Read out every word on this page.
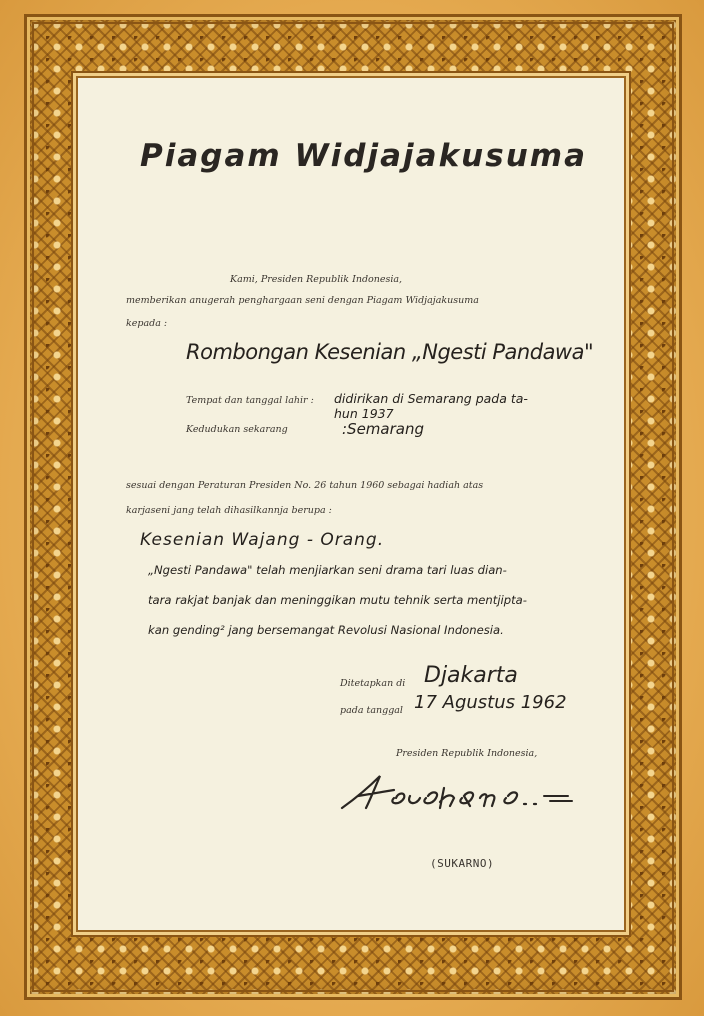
Piagam Widjajakusuma
Kami, Presiden Republik Indonesia,
memberikan anugerah penghargaan seni dengan Piagam Widjajakusuma
kepada :
Rombongan Kesenian „Ngesti Pandawa"
Tempat dan tanggal lahir : didirikan di Semarang pada ta-
hun 1937
Kedudukan sekarang	:Semarang
sesuai dengan Peraturan Presiden No. 26 tahun 1960 sebagai hadiah atas
karjaseni jang telah dihasilkannja berupa :
Kesenian Wajang - Orang.
„Ngesti Pandawa" telah menjiarkan seni drama tari luas dian-
tara rakjat banjak dan meninggikan mutu tehnik serta mentjipta-
kan gending² jang bersemangat Revolusi Nasional Indonesia.
Ditetapkan di Djakarta
pada tanggal 17 Agustus 1962
Presiden Republik Indonesia,
(SUKARNO)
